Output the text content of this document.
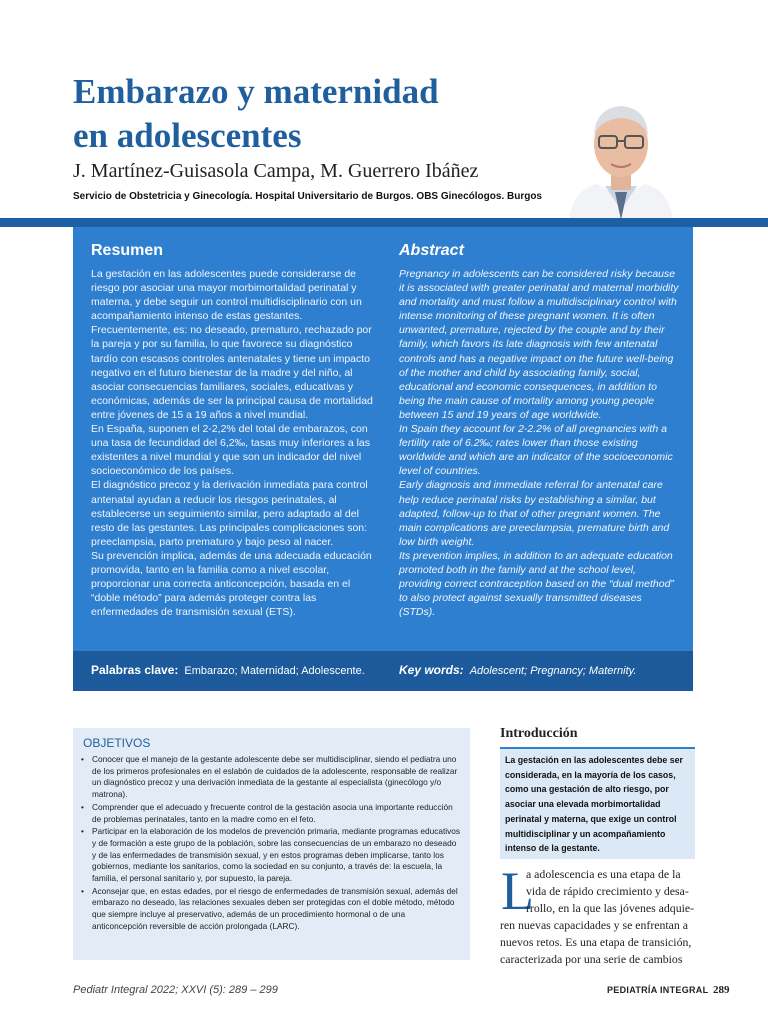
Embarazo y maternidad
en adolescentes
J. Martínez-Guisasola Campa, M. Guerrero Ibáñez
Servicio de Obstetricia y Ginecología. Hospital Universitario de Burgos. OBS Ginecólogos. Burgos
Resumen
La gestación en las adolescentes puede considerarse de riesgo por asociar una mayor morbimortalidad perinatal y materna, y debe seguir un control multidisciplinario con un acompañamiento intenso de estas gestantes. Frecuentemente, es: no deseado, prematuro, rechazado por la pareja y por su familia, lo que favorece su diagnóstico tardío con escasos controles antenatales y tiene un impacto negativo en el futuro bienestar de la madre y del niño, al asociar consecuencias familiares, sociales, educativas y económicas, además de ser la principal causa de mortalidad entre jóvenes de 15 a 19 años a nivel mundial.
En España, suponen el 2-2,2% del total de embarazos, con una tasa de fecundidad del 6,2‰, tasas muy inferiores a las existentes a nivel mundial y que son un indicador del nivel socioeconómico de los países.
El diagnóstico precoz y la derivación inmediata para control antenatal ayudan a reducir los riesgos perinatales, al establecerse un seguimiento similar, pero adaptado al del resto de las gestantes. Las principales complicaciones son: preeclampsia, parto prematuro y bajo peso al nacer.
Su prevención implica, además de una adecuada educación promovida, tanto en la familia como a nivel escolar, proporcionar una correcta anticoncepción, basada en el “doble método” para además proteger contra las enfermedades de transmisión sexual (ETS).
Abstract
Pregnancy in adolescents can be considered risky because it is associated with greater perinatal and maternal morbidity and mortality and must follow a multidisciplinary control with intense monitoring of these pregnant women. It is often unwanted, premature, rejected by the couple and by their family, which favors its late diagnosis with few antenatal controls and has a negative impact on the future well-being of the mother and child by associating family, social, educational and economic consequences, in addition to being the main cause of mortality among young people between 15 and 19 years of age worldwide.
In Spain they account for 2-2.2% of all pregnancies with a fertility rate of 6.2‰; rates lower than those existing worldwide and which are an indicator of the socioeconomic level of countries.
Early diagnosis and immediate referral for antenatal care help reduce perinatal risks by establishing a similar, but adapted, follow-up to that of other pregnant women. The main complications are preeclampsia, premature birth and low birth weight.
Its prevention implies, in addition to an adequate education promoted both in the family and at the school level, providing correct contraception based on the “dual method” to also protect against sexually transmitted diseases (STDs).
Palabras clave: Embarazo; Maternidad; Adolescente.	Key words: Adolescent; Pregnancy; Maternity.
OBJETIVOS
• Conocer que el manejo de la gestante adolescente debe ser multidisciplinar, siendo el pediatra uno de los primeros profesionales en el eslabón de cuidados de la adolescente, responsable de realizar un diagnóstico precoz y una derivación inmediata de la gestante al especialista (ginecólogo y/o matrona).
• Comprender que el adecuado y frecuente control de la gestación asocia una importante reducción de problemas perinatales, tanto en la madre como en el feto.
• Participar en la elaboración de los modelos de prevención primaria, mediante programas educativos y de formación a este grupo de la población, sobre las consecuencias de un embarazo no deseado y de las enfermedades de transmisión sexual, y en estos programas deben implicarse, tanto los gobiernos, mediante los sanitarios, como la sociedad en su conjunto, a través de: la escuela, la familia, el personal sanitario y, por supuesto, la pareja.
• Aconsejar que, en estas edades, por el riesgo de enfermedades de transmisión sexual, además del embarazo no deseado, las relaciones sexuales deben ser protegidas con el doble método, método que siempre incluye al preservativo, además de un procedimiento hormonal o de una anticoncepción reversible de acción prolongada (LARC).
Introducción

La gestación en las adolescentes debe ser considerada, en la mayoría de los casos, como una gestación de alto riesgo, por asociar una elevada morbimortalidad perinatal y materna, que exige un control multidisciplinar y un acompañamiento intenso de la gestante.

L
a adolescencia es una etapa de la
vida de rápido crecimiento y desa-
rrollo, en la que las jóvenes adquie-
ren nuevas capacidades y se enfrentan a
nuevos retos. Es una etapa de transición,
caracterizada por una serie de cambios
Pediatr Integral 2022; XXVI (5): 289 – 299	PEDIATRÍA INTEGRAL 289
